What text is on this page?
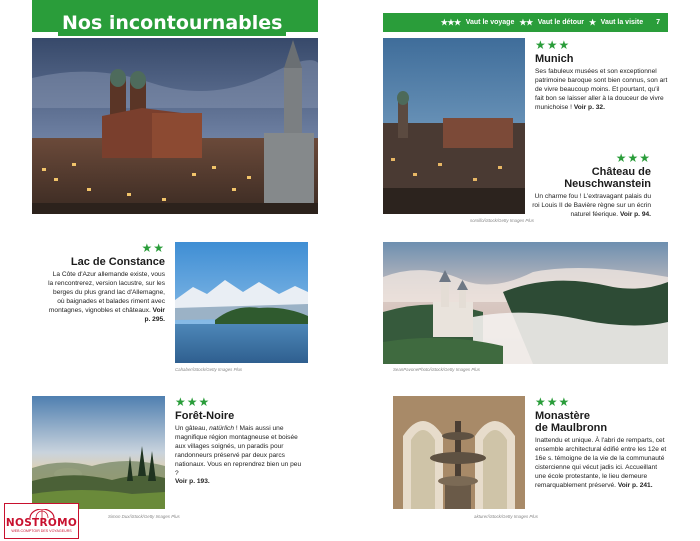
Nos incontournables	★★★ Vaut le voyage ★★ Vaut le détour ★ Vaut la visite 7
★★★
Munich
Ses fabuleux musées et son exceptionnel patrimoine baroque sont bien connus, son art de vivre beaucoup moins. Et pourtant, qu'il fait bon se laisser aller à la douceur de vivre munichoise ! Voir p. 32.
★★★
Château de
Neuschwanstein
Un charme fou ! L'extravagant palais du roi Louis II de Bavière règne sur un écrin naturel féerique. Voir p. 94.
sorsillo/iStock/Getty Images Plus
★★
Lac de Constance
La Côte d'Azur allemande existe, vous la rencontrerez, version lacustre, sur les berges du plus grand lac d'Allemagne, où baignades et balades riment avec montagnes, vignobles et châteaux. Voir p. 295.
Cahaber/iStock/Getty Images Plus	SeanPavonePhoto/iStock/Getty Images Plus
Simon Dux/iStock/Getty Images Plus
★★★
Forêt-Noire
Un gâteau, natürlich ! Mais aussi une magnifique région montagneuse et boisée aux villages soignés, un paradis pour randonneurs préservé par deux parcs nationaux. Vous en reprendrez bien un peu ?
Voir p. 193.
akturer/iStock/Getty Images Plus
★★★
Monastère
de Maulbronn
Inattendu et unique. À l'abri de remparts, cet ensemble architectural édifié entre les 12e et 16e s. témoigne de la vie de la communauté cistercienne qui vécut jadis ici. Accueillant une école protestante, le lieu demeure remarquablement préservé. Voir p. 241.
NOSTROMO
WEB COMPTOIR DES VOYAGEURS
